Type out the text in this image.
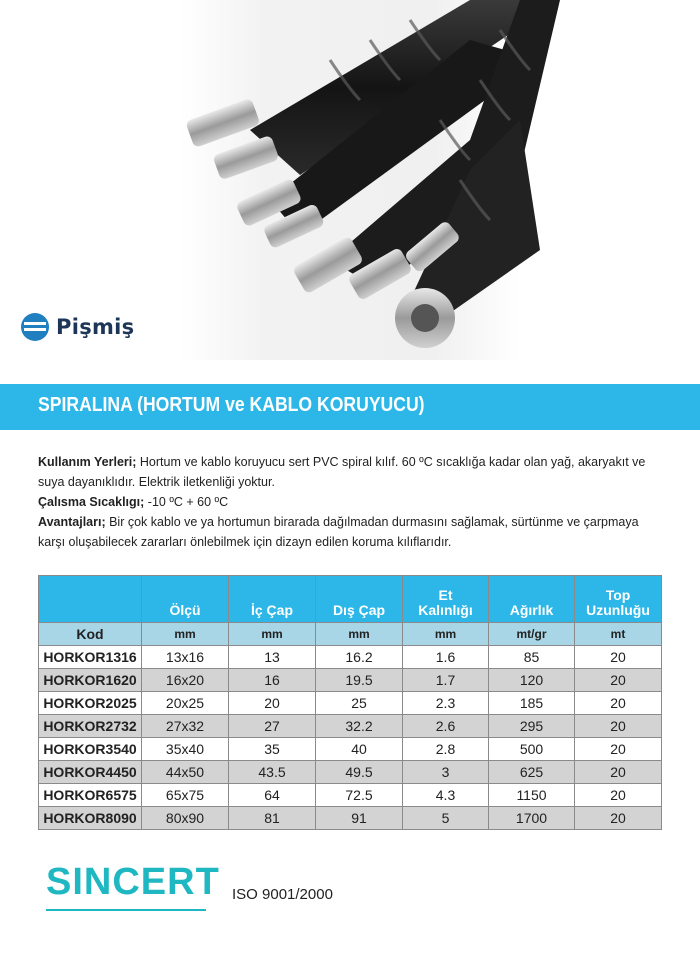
Pişmiş
SPIRALINA (HORTUM ve KABLO KORUYUCU)

Kullanım Yerleri; Hortum ve kablo koruyucu sert PVC spiral kılıf. 60 ºC sıcaklığa kadar olan yağ, akaryakıt ve suya dayanıklıdır. Elektrik iletkenliği yoktur.

Çalısma Sıcaklıgı; -10 ºC + 60 ºC

Avantajları; Bir çok kablo ve ya hortumun birarada dağılmadan durmasını sağlamak, sürtünme ve çarpmaya karşı oluşabilecek zararları önlebilmek için dizayn edilen koruma kılıflarıdır.

	Ölçü	İç Çap	Dış Çap	Et Kalınlığı	Ağırlık	Top Uzunluğu
Kod	mm	mm	mm	mm	mt/gr	mt
HORKOR1316	13x16	13	16.2	1.6	85	20
HORKOR1620	16x20	16	19.5	1.7	120	20
HORKOR2025	20x25	20	25	2.3	185	20
HORKOR2732	27x32	27	32.2	2.6	295	20
HORKOR3540	35x40	35	40	2.8	500	20
HORKOR4450	44x50	43.5	49.5	3	625	20
HORKOR6575	65x75	64	72.5	4.3	1150	20
HORKOR8090	80x90	81	91	5	1700	20
SINCERT ISO 9001/2000
